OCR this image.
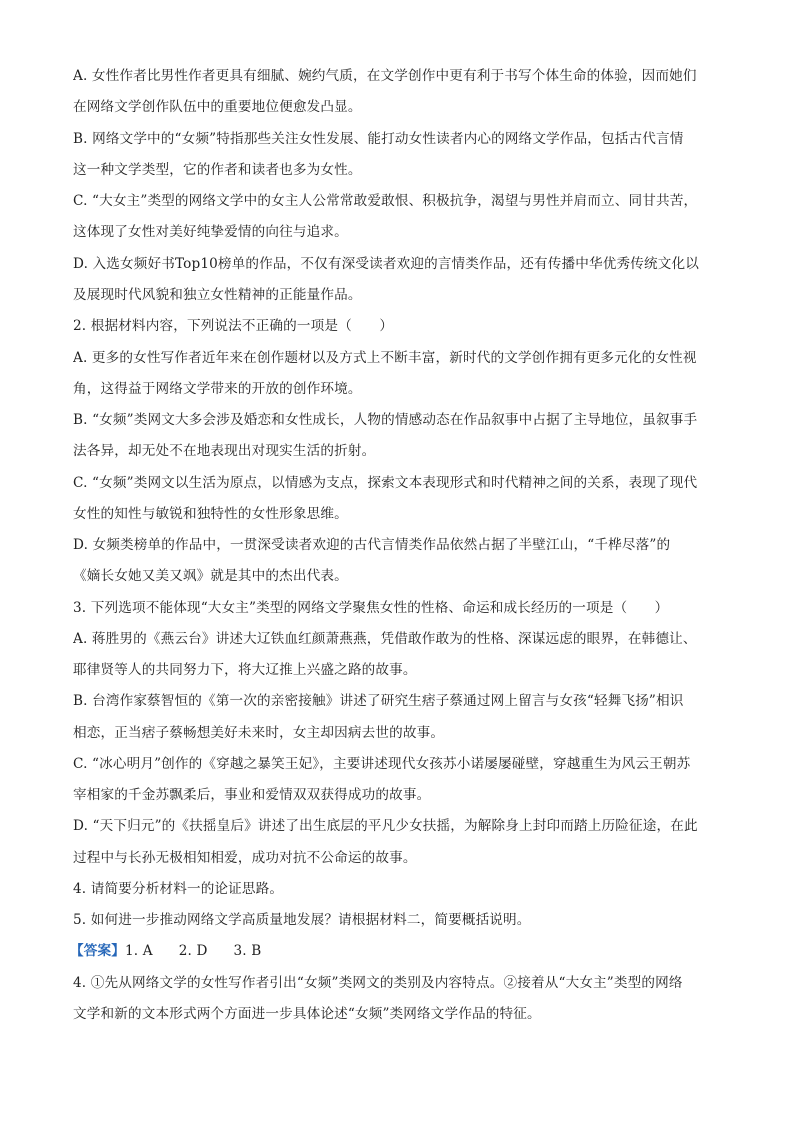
A. 女性作者比男性作者更具有细腻、婉约气质，在文学创作中更有利于书写个体生命的体验，因而她们
在网络文学创作队伍中的重要地位便愈发凸显。
B. 网络文学中的“女频”特指那些关注女性发展、能打动女性读者内心的网络文学作品，包括古代言情
这一种文学类型，它的作者和读者也多为女性。
C. “大女主”类型的网络文学中的女主人公常常敢爱敢恨、积极抗争，渴望与男性并肩而立、同甘共苦，
这体现了女性对美好纯挚爱情的向往与追求。
D. 入选女频好书Top10榜单的作品，不仅有深受读者欢迎的言情类作品，还有传播中华优秀传统文化以
及展现时代风貌和独立女性精神的正能量作品。
2. 根据材料内容，下列说法不正确的一项是（　　）
A. 更多的女性写作者近年来在创作题材以及方式上不断丰富，新时代的文学创作拥有更多元化的女性视
角，这得益于网络文学带来的开放的创作环境。
B. “女频”类网文大多会涉及婚恋和女性成长，人物的情感动态在作品叙事中占据了主导地位，虽叙事手
法各异，却无处不在地表现出对现实生活的折射。
C. “女频”类网文以生活为原点，以情感为支点，探索文本表现形式和时代精神之间的关系，表现了现代
女性的知性与敏锐和独特性的女性形象思维。
D. 女频类榜单的作品中，一贯深受读者欢迎的古代言情类作品依然占据了半壁江山，“千桦尽落”的
《嫡长女她又美又飒》就是其中的杰出代表。
3. 下列选项不能体现“大女主”类型的网络文学聚焦女性的性格、命运和成长经历的一项是（　　）
A. 蒋胜男的《燕云台》讲述大辽铁血红颜萧燕燕，凭借敢作敢为的性格、深谋远虑的眼界，在韩德让、
耶律贤等人的共同努力下，将大辽推上兴盛之路的故事。
B. 台湾作家蔡智恒的《第一次的亲密接触》讲述了研究生痞子蔡通过网上留言与女孩“轻舞飞扬”相识
相恋，正当痞子蔡畅想美好未来时，女主却因病去世的故事。
C. “冰心明月”创作的《穿越之暴笑王妃》，主要讲述现代女孩苏小诺屡屡碰壁，穿越重生为风云王朝苏
宰相家的千金苏飘柔后，事业和爱情双双获得成功的故事。
D. “天下归元”的《扶摇皇后》讲述了出生底层的平凡少女扶摇，为解除身上封印而踏上历险征途，在此
过程中与长孙无极相知相爱，成功对抗不公命运的故事。
4. 请简要分析材料一的论证思路。
5. 如何进一步推动网络文学高质量地发展？请根据材料二，简要概括说明。
【答案】1. A 2. D 3. B
4. ①先从网络文学的女性写作者引出“女频”类网文的类别及内容特点。②接着从“大女主”类型的网络
文学和新的文本形式两个方面进一步具体论述“女频”类网络文学作品的特征。
